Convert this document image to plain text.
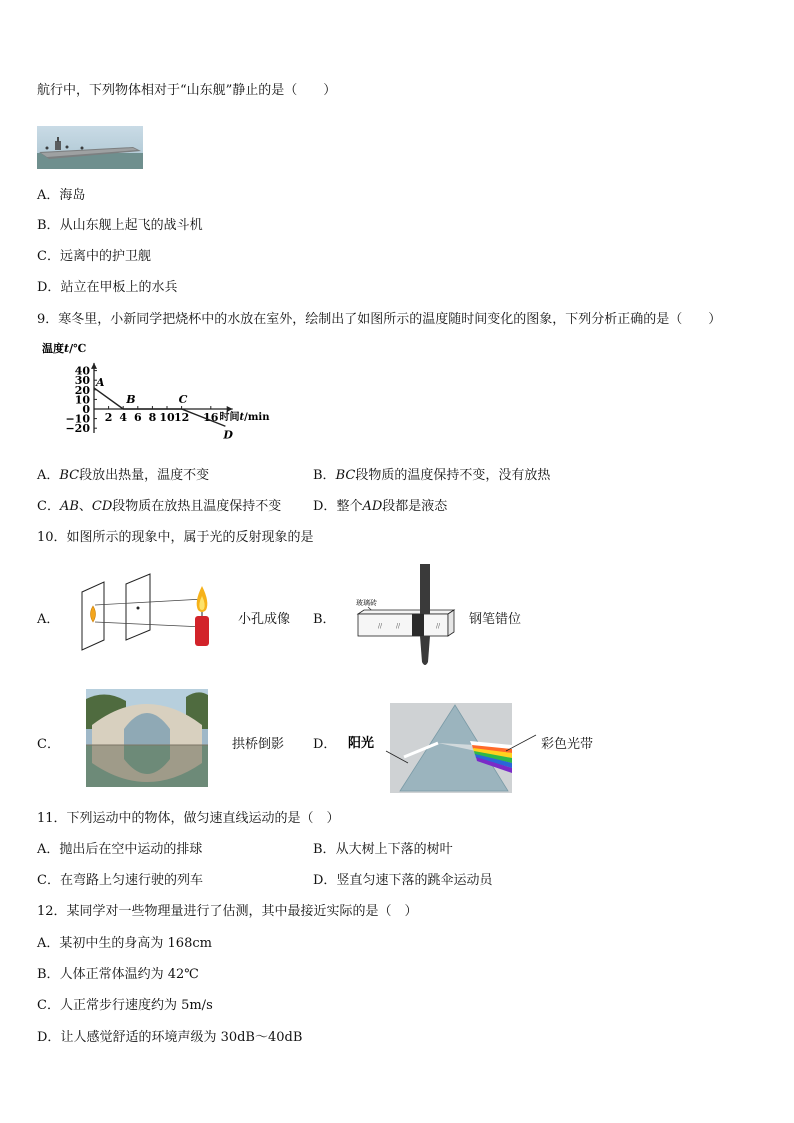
航行中，下列物体相对于“山东舰”静止的是（　　）
A．海岛
B．从山东舰上起飞的战斗机
C．远离中的护卫舰
D．站立在甲板上的水兵
9．寒冬里，小新同学把烧杯中的水放在室外，绘制出了如图所示的温度随时间变化的图象，下列分析正确的是（　　）
温度t/℃
时间t/min
40
30
20
10
0
−10
−20
2 4 6 8 10 12 16
A
B	C
D
A．BC段放出热量，温度不变	B．BC段物质的温度保持不变，没有放热
C．AB、CD段物质在放热且温度保持不变 D．整个AD段都是液态
10．如图所示的现象中，属于光的反射现象的是
A．	小孔成像 B．
玻璃砖
// //	// 钢笔错位
C．	拱桥倒影 D． 阳光	彩色光带
11．下列运动中的物体，做匀速直线运动的是（　）
A．抛出后在空中运动的排球	B．从大树上下落的树叶
C．在弯路上匀速行驶的列车	D．竖直匀速下落的跳伞运动员
12．某同学对一些物理量进行了估测，其中最接近实际的是（　）
A．某初中生的身高为 168cm
B．人体正常体温约为 42℃
C．人正常步行速度约为 5m/s
D．让人感觉舒适的环境声级为 30dB～40dB
